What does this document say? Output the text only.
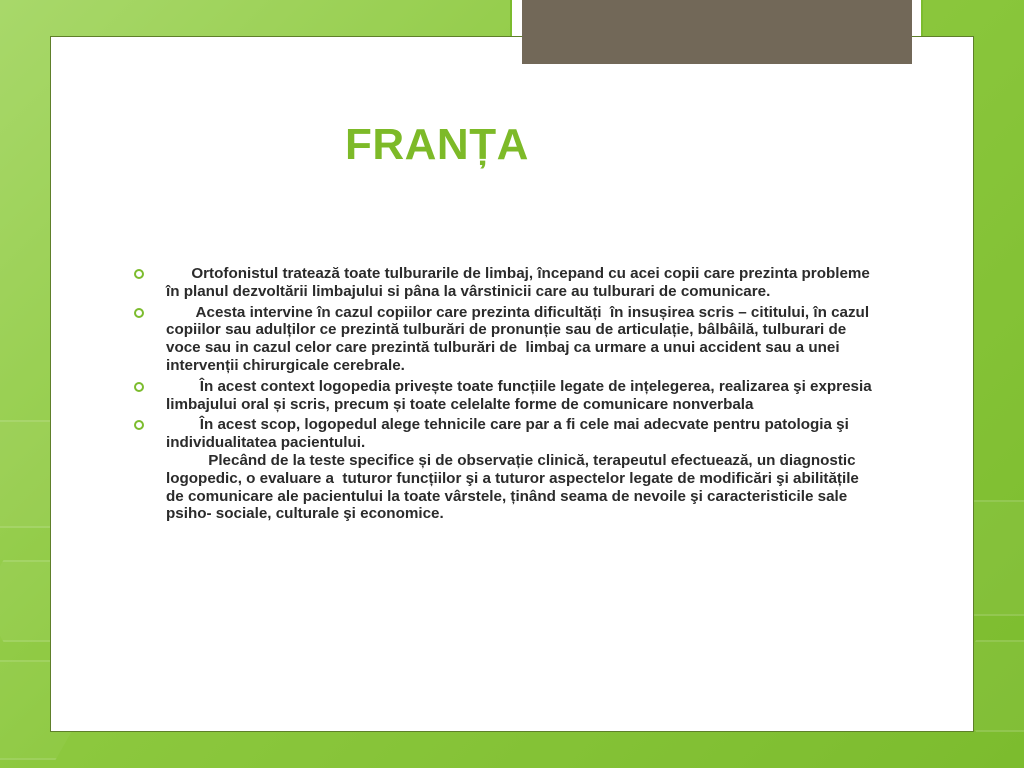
FRANȚA
Ortofonistul tratează toate tulburarile de limbaj, începand cu acei copii care prezinta probleme în planul dezvoltării limbajului si pâna la vârstinicii care au tulburari de comunicare.
Acesta intervine în cazul copiilor care prezinta dificultăți  în insușirea scris – cititului, în cazul copiilor sau adulților ce prezintă tulburări de pronunție sau de articulație, bâlbâilă, tulburari de voce sau in cazul celor care prezintă tulburări de  limbaj ca urmare a unui accident sau a unei intervenții chirurgicale cerebrale.
În acest context logopedia privește toate funcțiile legate de ințelegerea, realizarea şi expresia limbajului oral și scris, precum și toate celelalte forme de comunicare nonverbala
În acest scop, logopedul alege tehnicile care par a fi cele mai adecvate pentru patologia şi individualitatea pacientului.
Plecând de la teste specifice și de observație clinică, terapeutul efectuează, un diagnostic logopedic, o evaluare a  tuturor funcțiilor şi a tuturor aspectelor legate de modificări şi abilitățile de comunicare ale pacientului la toate vârstele, ținând seama de nevoile şi caracteristicile sale psiho- sociale, culturale şi economice.
